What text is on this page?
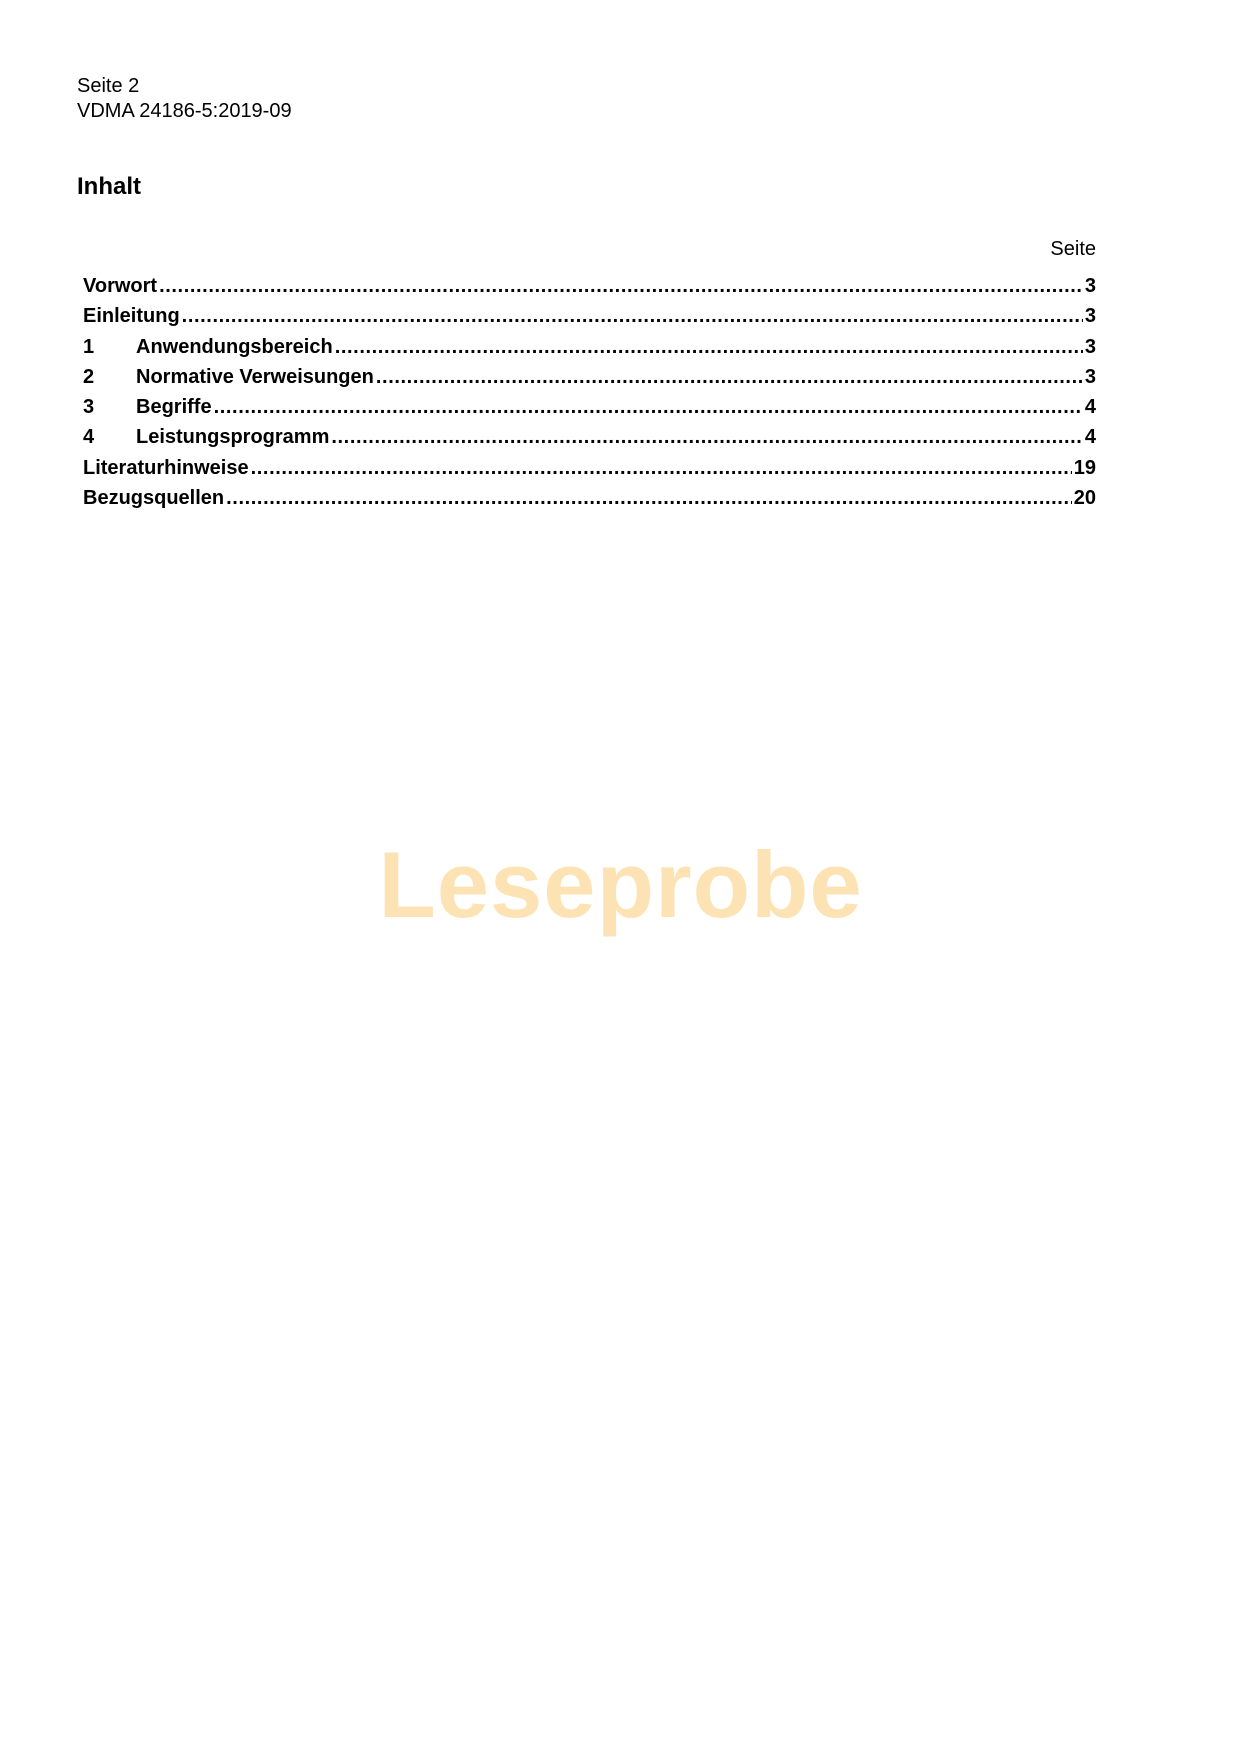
Seite 2
VDMA 24186-5:2019-09
Inhalt
Seite
Vorwort .....	3
Einleitung .....	3
1	Anwendungsbereich .....	3
2	Normative Verweisungen .....	3
3	Begriffe .....	4
4	Leistungsprogramm .....	4
Literaturhinweise .....	19
Bezugsquellen .....	20
Leseprobe
